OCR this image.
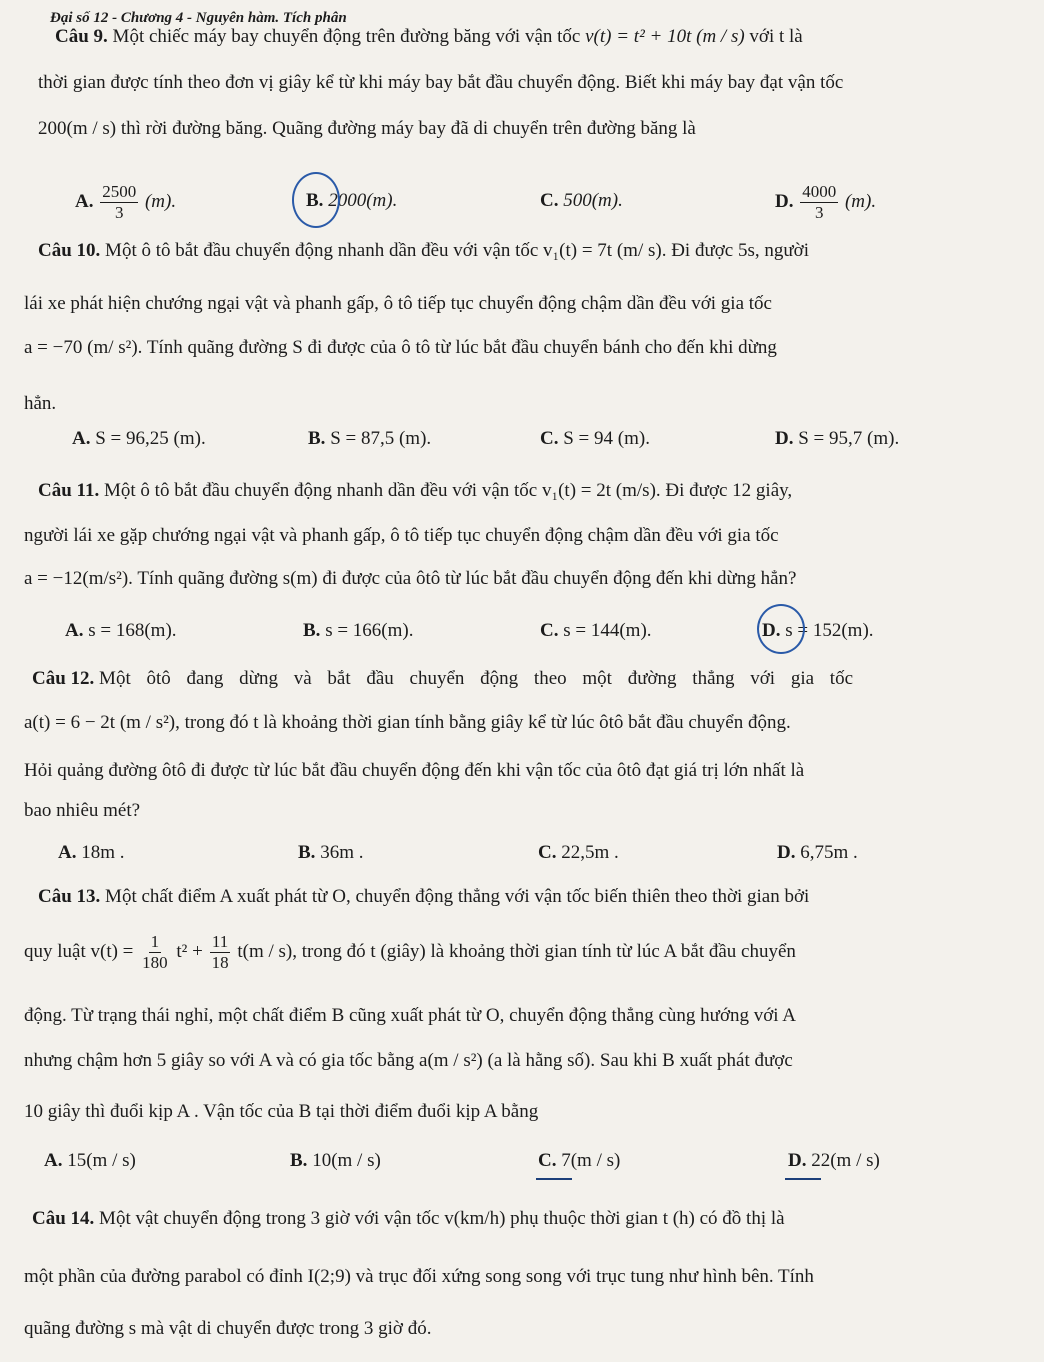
Đại số 12 - Chương 4 - Nguyên hàm. Tích phân
Câu 9. Một chiếc máy bay chuyển động trên đường băng với vận tốc v(t) = t² + 10t (m / s) với t là
thời gian được tính theo đơn vị giây kể từ khi máy bay bắt đầu chuyển động. Biết khi máy bay đạt vận tốc
200(m / s) thì rời đường băng. Quãng đường máy bay đã di chuyển trên đường băng là
A. $\frac{2500}{3} (m)$.	B. 2000(m).	C. 500(m).	D. $\frac{4000}{3} (m)$.
Câu 10. Một ô tô bắt đầu chuyển động nhanh dần đều với vận tốc v₁(t) = 7t (m/ s). Đi được 5s, người
lái xe phát hiện chướng ngại vật và phanh gấp, ô tô tiếp tục chuyển động chậm dần đều với gia tốc
a = −70 (m/ s²). Tính quãng đường S đi được của ô tô từ lúc bắt đầu chuyển bánh cho đến khi dừng
hẳn.
A. S = 96,25 (m).	B. S = 87,5 (m).	C. S = 94 (m).	D. S = 95,7 (m).
Câu 11. Một ô tô bắt đầu chuyển động nhanh dần đều với vận tốc v₁(t) = 2t (m/s). Đi được 12 giây,
người lái xe gặp chướng ngại vật và phanh gấp, ô tô tiếp tục chuyển động chậm dần đều với gia tốc
a = −12(m/s²). Tính quãng đường s(m) đi được của ôtô từ lúc bắt đầu chuyển động đến khi dừng hẳn?
A. s = 168(m).	B. s = 166(m).	C. s = 144(m).	D. s = 152(m).
Câu 12. Một ôtô đang dừng và bắt đầu chuyển động theo một đường thẳng với gia tốc
a(t) = 6 − 2t (m / s²), trong đó t là khoảng thời gian tính bằng giây kể từ lúc ôtô bắt đầu chuyển động.
Hỏi quảng đường ôtô đi được từ lúc bắt đầu chuyển động đến khi vận tốc của ôtô đạt giá trị lớn nhất là
bao nhiêu mét?
A. 18m .	B. 36m .	C. 22,5m .	D. 6,75m .
Câu 13. Một chất điểm A xuất phát từ O, chuyển động thẳng với vận tốc biến thiên theo thời gian bởi
quy luật $v(t) = \frac{1}{180} t^2 + \frac{11}{18} t(m / s)$, trong đó t (giây) là khoảng thời gian tính từ lúc A bắt đầu chuyển
động. Từ trạng thái nghỉ, một chất điểm B cũng xuất phát từ O, chuyển động thẳng cùng hướng với A
nhưng chậm hơn 5 giây so với A và có gia tốc bằng a(m / s²) (a là hằng số). Sau khi B xuất phát được
10 giây thì đuổi kịp A . Vận tốc của B tại thời điểm đuổi kịp A bằng
A. 15(m / s)	B. 10(m / s)	C. 7(m / s)	D. 22(m / s)
Câu 14. Một vật chuyển động trong 3 giờ với vận tốc v(km/h) phụ thuộc thời gian t (h) có đồ thị là
một phần của đường parabol có đỉnh I(2;9) và trục đối xứng song song với trục tung như hình bên. Tính
quãng đường s mà vật di chuyển được trong 3 giờ đó.
